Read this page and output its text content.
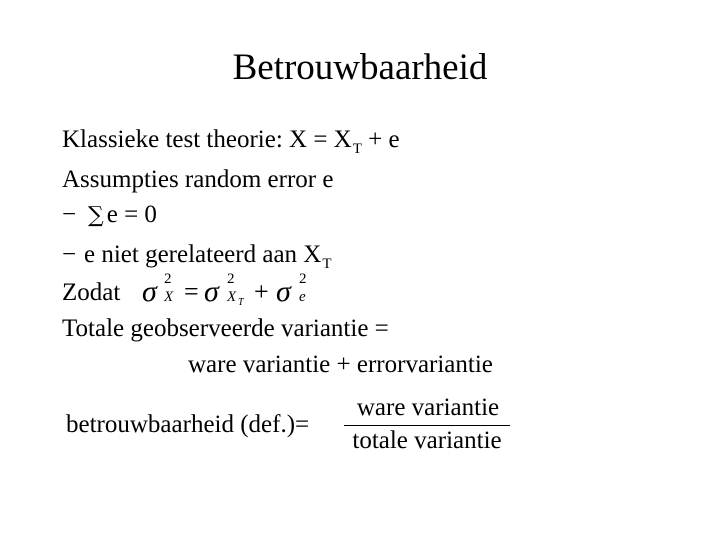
Betrouwbaarheid
Klassieke test theorie: $X = X_T + e$
Assumpties random error e
− ∑ e = 0
− e niet gerelateerd aan $X_T$
Zodat σ 2
X = σ 2
X T + σ 2
e
Totale geobserveerde variantie =
ware variantie + errorvariantie
betrouwbaarheid (def.)=
ware variantie
totale variantie
